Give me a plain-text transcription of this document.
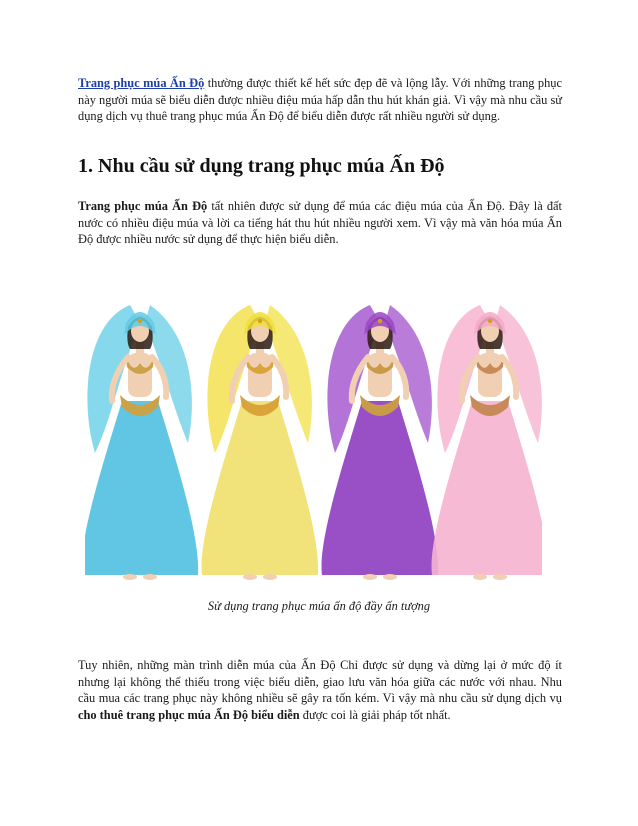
Trang phục múa Ấn Độ thường được thiết kế hết sức đẹp đẽ và lộng lẫy. Với những trang phục này người múa sẽ biểu diễn được nhiều điệu múa hấp dẫn thu hút khán giả. Vì vậy mà nhu cầu sử dụng dịch vụ thuê trang phục múa Ấn Độ để biểu diễn được rất nhiều người sử dụng.

1. Nhu cầu sử dụng trang phục múa Ấn Độ

Trang phục múa Ấn Độ tất nhiên được sử dụng để múa các điệu múa của Ấn Độ. Đây là đất nước có nhiều điệu múa và lời ca tiếng hát thu hút nhiều người xem. Vì vậy mà văn hóa múa Ấn Độ được nhiều nước sử dụng để thực hiện biểu diễn.

Sử dụng trang phục múa ấn độ đầy ấn tượng

Tuy nhiên, những màn trình diễn múa của Ấn Độ Chỉ được sử dụng và dừng lại ở mức độ ít nhưng lại không thể thiếu trong việc biểu diễn, giao lưu văn hóa giữa các nước với nhau. Nhu cầu mua các trang phục này không nhiều sẽ gây ra tốn kém. Vì vậy mà nhu cầu sử dụng dịch vụ cho thuê trang phục múa Ấn Độ biểu diễn được coi là giải pháp tốt nhất.
